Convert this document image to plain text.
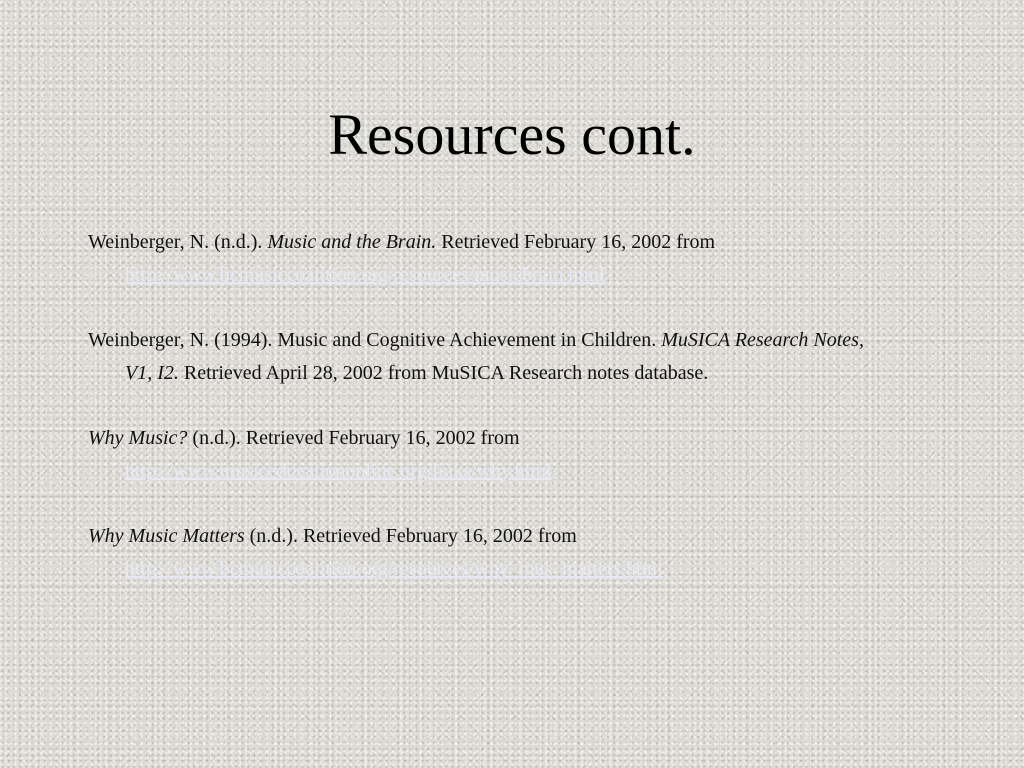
Resources cont.

Weinberger, N. (n.d.). Music and the Brain. Retrieved February 16, 2002 from http://www.bcmusiccoalition.org/resources/musicbrain.html

Weinberger, N. (1994). Music and Cognitive Achievement in Children. MuSICA Research Notes, V1, I2. Retrieved April 28, 2002 from MuSICA Research notes database.

Why Music? (n.d.). Retrieved February 16, 2002 from http://www.musiceducationonline.org/links/why.html

Why Music Matters (n.d.). Retrieved February 16, 2002 from http://www.bcmusiccoalition.org/resources/why_mus_matters.html
